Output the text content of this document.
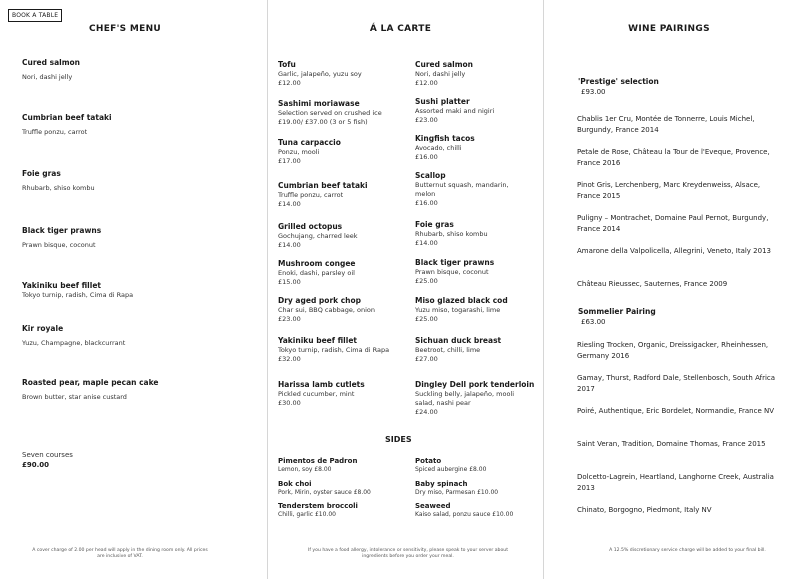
BOOK A TABLE
CHEF'S MENU
Cured salmon
Nori, dashi jelly
Cumbrian beef tataki
Truffle ponzu, carrot
Foie gras
Rhubarb, shiso kombu
Black tiger prawns
Prawn bisque, coconut
Yakiniku beef fillet
Tokyo turnip, radish, Cima di Rapa
Kir royale
Yuzu, Champagne, blackcurrant
Roasted pear, maple pecan cake
Brown butter, star anise custard
Seven courses
£90.00
A cover charge of 2.00 per head will apply in the dining room only. All prices are inclusive of VAT.
Á LA CARTE
Tofu
Garlic, jalapeño, yuzu soy
£12.00
Sashimi moriawase
Selection served on crushed ice
£19.00/ £37.00 (3 or 5 fish)
Tuna carpaccio
Ponzu, mooli
£17.00
Cumbrian beef tataki
Truffle ponzu, carrot
£14.00
Grilled octopus
Gochujang, charred leek
£14.00
Mushroom congee
Enoki, dashi, parsley oil
£15.00
Dry aged pork chop
Char sui, BBQ cabbage, onion
£23.00
Yakiniku beef fillet
Tokyo turnip, radish, Cima di Rapa
£32.00
Harissa lamb cutlets
Pickled cucumber, mint
£30.00
Cured salmon
Nori, dashi jelly
£12.00
Sushi platter
Assorted maki and nigiri
£23.00
Kingfish tacos
Avocado, chilli
£16.00
Scallop
Butternut squash, mandarin, melon
£16.00
Foie gras
Rhubarb, shiso kombu
£14.00
Black tiger prawns
Prawn bisque, coconut
£25.00
Miso glazed black cod
Yuzu miso, togarashi, lime
£25.00
Sichuan duck breast
Beetroot, chilli, lime
£27.00
Dingley Dell pork tenderloin
Suckling belly, jalapeño, mooli salad, nashi pear
£24.00
SIDES
Pimentos de Padron
Lemon, soy £8.00
Bok choi
Pork, Mirin, oyster sauce £8.00
Tenderstem broccoli
Chilli, garlic £10.00
Potato
Spiced aubergine £8.00
Baby spinach
Dry miso, Parmesan £10.00
Seaweed
Kaiso salad, ponzu sauce £10.00
If you have a food allergy, intolerance or sensitivity, please speak to your server about ingredients before you order your meal.
WINE PAIRINGS
'Prestige' selection
£93.00
Chablis 1er Cru, Montée de Tonnerre, Louis Michel, Burgundy, France 2014
Petale de Rose, Château la Tour de l'Eveque, Provence, France 2016
Pinot Gris, Lerchenberg, Marc Kreydenweiss, Alsace, France 2015
Puligny – Montrachet, Domaine Paul Pernot, Burgundy, France 2014
Amarone della Valpolicella, Allegrini, Veneto, Italy 2013
Château Rieussec, Sauternes, France 2009
Sommelier Pairing
£63.00
Riesling Trocken, Organic, Dreissigacker, Rheinhessen, Germany 2016
Gamay, Thurst, Radford Dale, Stellenbosch, South Africa 2017
Poiré, Authentique, Eric Bordelet, Normandie, France NV
Saint Veran, Tradition, Domaine Thomas, France 2015
Dolcetto-Lagrein, Heartland, Langhorne Creek, Australia 2013
Chinato, Borgogno, Piedmont, Italy NV
A 12.5% discretionary service charge will be added to your final bill.
